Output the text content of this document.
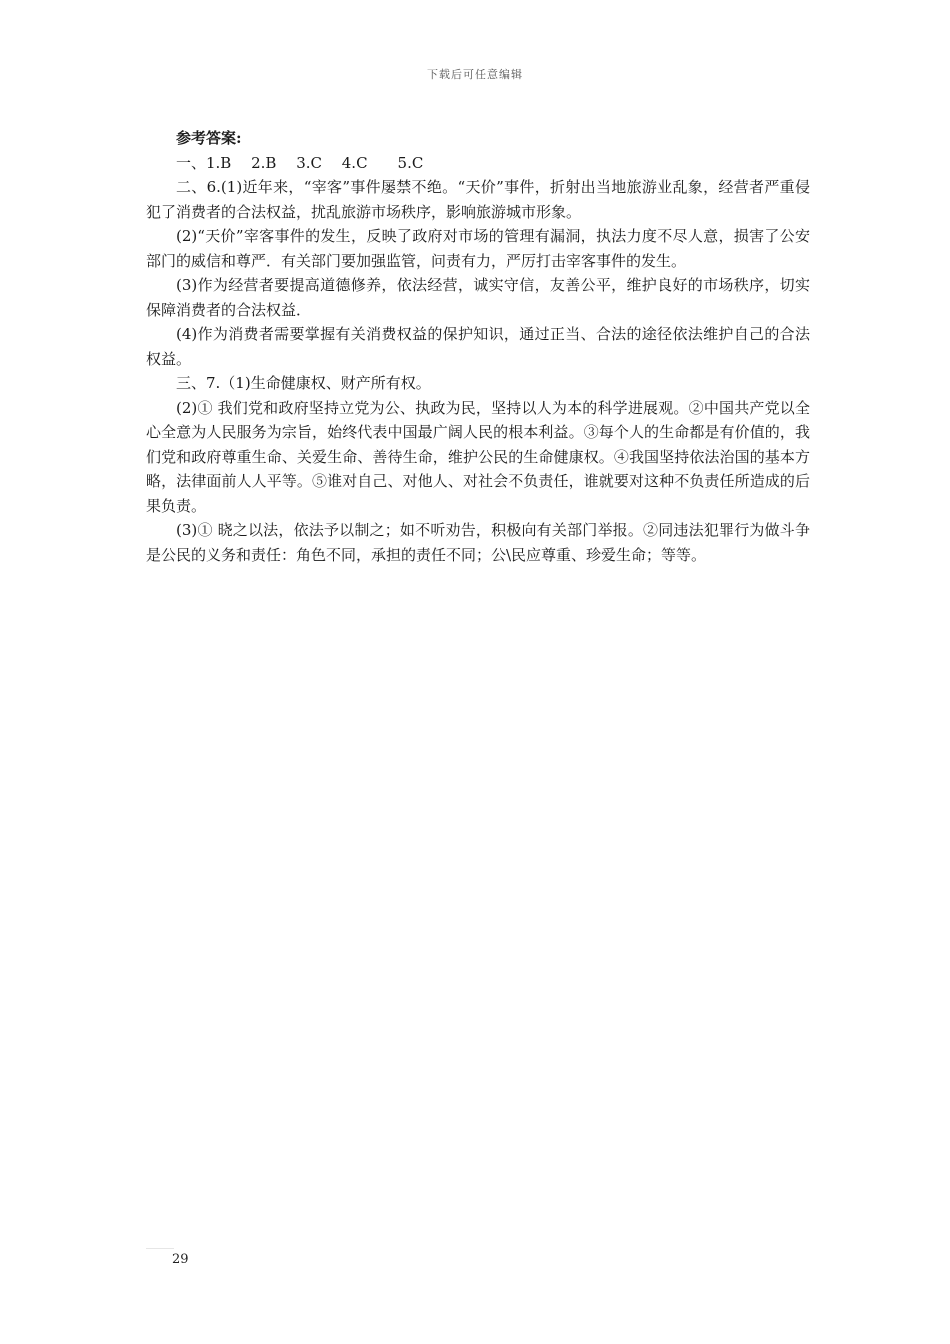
下载后可任意编辑

参考答案:

一、1.B 　2.B 　3.C 　4.C　　5.C

二、6.(1)近年来，“宰客”事件屡禁不绝。“天价”事件，折射出当地旅游业乱象，经营者严重侵犯了消费者的合法权益，扰乱旅游市场秩序，影响旅游城市形象。

(2)“天价”宰客事件的发生，反映了政府对市场的管理有漏洞，执法力度不尽人意，损害了公安部门的威信和尊严．有关部门要加强监管，问责有力，严厉打击宰客事件的发生。

(3)作为经营者要提高道德修养，依法经营，诚实守信，友善公平，维护良好的市场秩序，切实保障消费者的合法权益．

(4)作为消费者需要掌握有关消费权益的保护知识，通过正当、合法的途径依法维护自己的合法权益。

三、7.（1)生命健康权、财产所有权。

(2)① 我们党和政府坚持立党为公、执政为民，坚持以人为本的科学进展观。②中国共产党以全心全意为人民服务为宗旨，始终代表中国最广阔人民的根本利益。③每个人的生命都是有价值的，我们党和政府尊重生命、关爱生命、善待生命，维护公民的生命健康权。④我国坚持依法治国的基本方略，法律面前人人平等。⑤谁对自己、对他人、对社会不负责任，谁就要对这种不负责任所造成的后果负责。

(3)① 晓之以法，依法予以制之；如不听劝告，积极向有关部门举报。②同违法犯罪行为做斗争是公民的义务和责任：角色不同，承担的责任不同；公\民应尊重、珍爱生命；等等。

29
